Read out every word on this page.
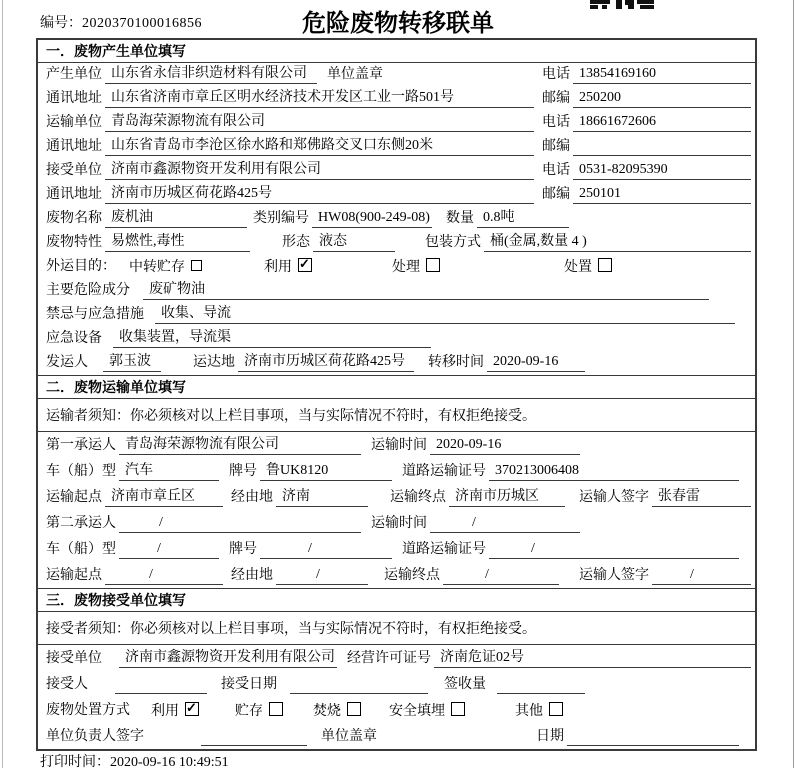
编号：2020370100016856	危险废物转移联单
一．废物产生单位填写
产生单位 山东省永信非织造材料有限公司	单位盖章	电话 13854169160
通讯地址 山东省济南市章丘区明水经济技术开发区工业一路501号	邮编 250200
运输单位 青岛海荣源物流有限公司	电话 18661672606
通讯地址 山东省青岛市李沧区徐水路和郑佛路交叉口东侧20米	邮编
接受单位 济南市鑫源物资开发利用有限公司	电话 0531-82095390
通讯地址 济南市历城区荷花路425号	邮编 250101
废物名称 废机油	类别编号 HW08(900-249-08) 数量 0.8吨
废物特性 易燃性,毒性	形态 液态	包装方式 桶(金属,数量 4 )
外运目的： 中转贮存	利用 ✓	处理	处置
主要危险成分	废矿物油
禁忌与应急措施	收集、导流
应急设备	收集装置，导流渠
发运人	郭玉波	运达地 济南市历城区荷花路425号	转移时间 2020-09-16
二．废物运输单位填写
运输者须知：你必须核对以上栏目事项，当与实际情况不符时，有权拒绝接受。
第一承运人 青岛海荣源物流有限公司	运输时间 2020-09-16
车（船）型 汽车	牌号 鲁UK8120	道路运输证号 370213006408
运输起点 济南市章丘区	经由地 济南	运输终点 济南市历城区	运输人签字 张春雷
第二承运人	/	运输时间	/
车（船）型	/	牌号	/	道路运输证号	/
运输起点	/	经由地	/	运输终点	/	运输人签字	/
三．废物接受单位填写
接受者须知：你必须核对以上栏目事项，当与实际情况不符时，有权拒绝接受。
接受单位	济南市鑫源物资开发利用有限公司 经营许可证号 济南危证02号
接受人	接受日期	签收量
废物处置方式 利用 ✓	贮存	焚烧	安全填埋	其他
单位负责人签字	单位盖章	日期
打印时间：2020-09-16 10:49:51
